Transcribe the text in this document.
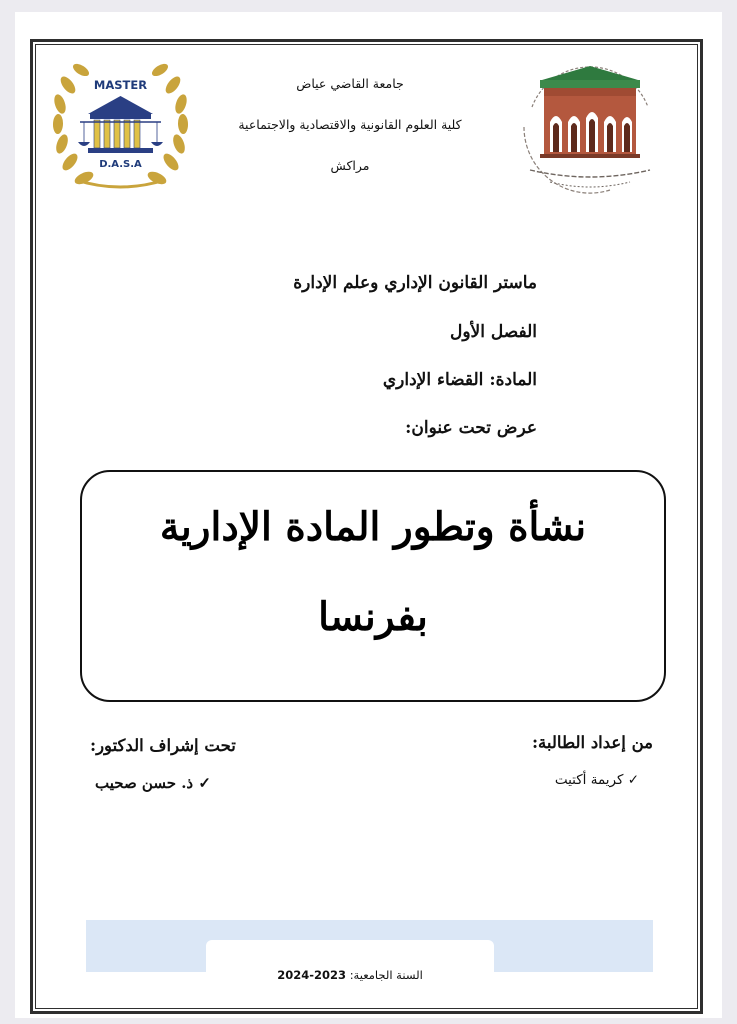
MASTER
D.A.S.A
جامعة القاضي عياض
كلية العلوم القانونية والاقتصادية والاجتماعية
مراكش
ماستر القانون الإداري وعلم الإدارة
الفصل الأول
المادة: القضاء الإداري
عرض تحت عنوان:
نشأة وتطور المادة الإدارية
بفرنسا
من إعداد الطالبة:
✓ كريمة أكتيت
تحت إشراف الدكتور:
✓ ذ. حسن صحيب
السنة الجامعية: 2023-2024
